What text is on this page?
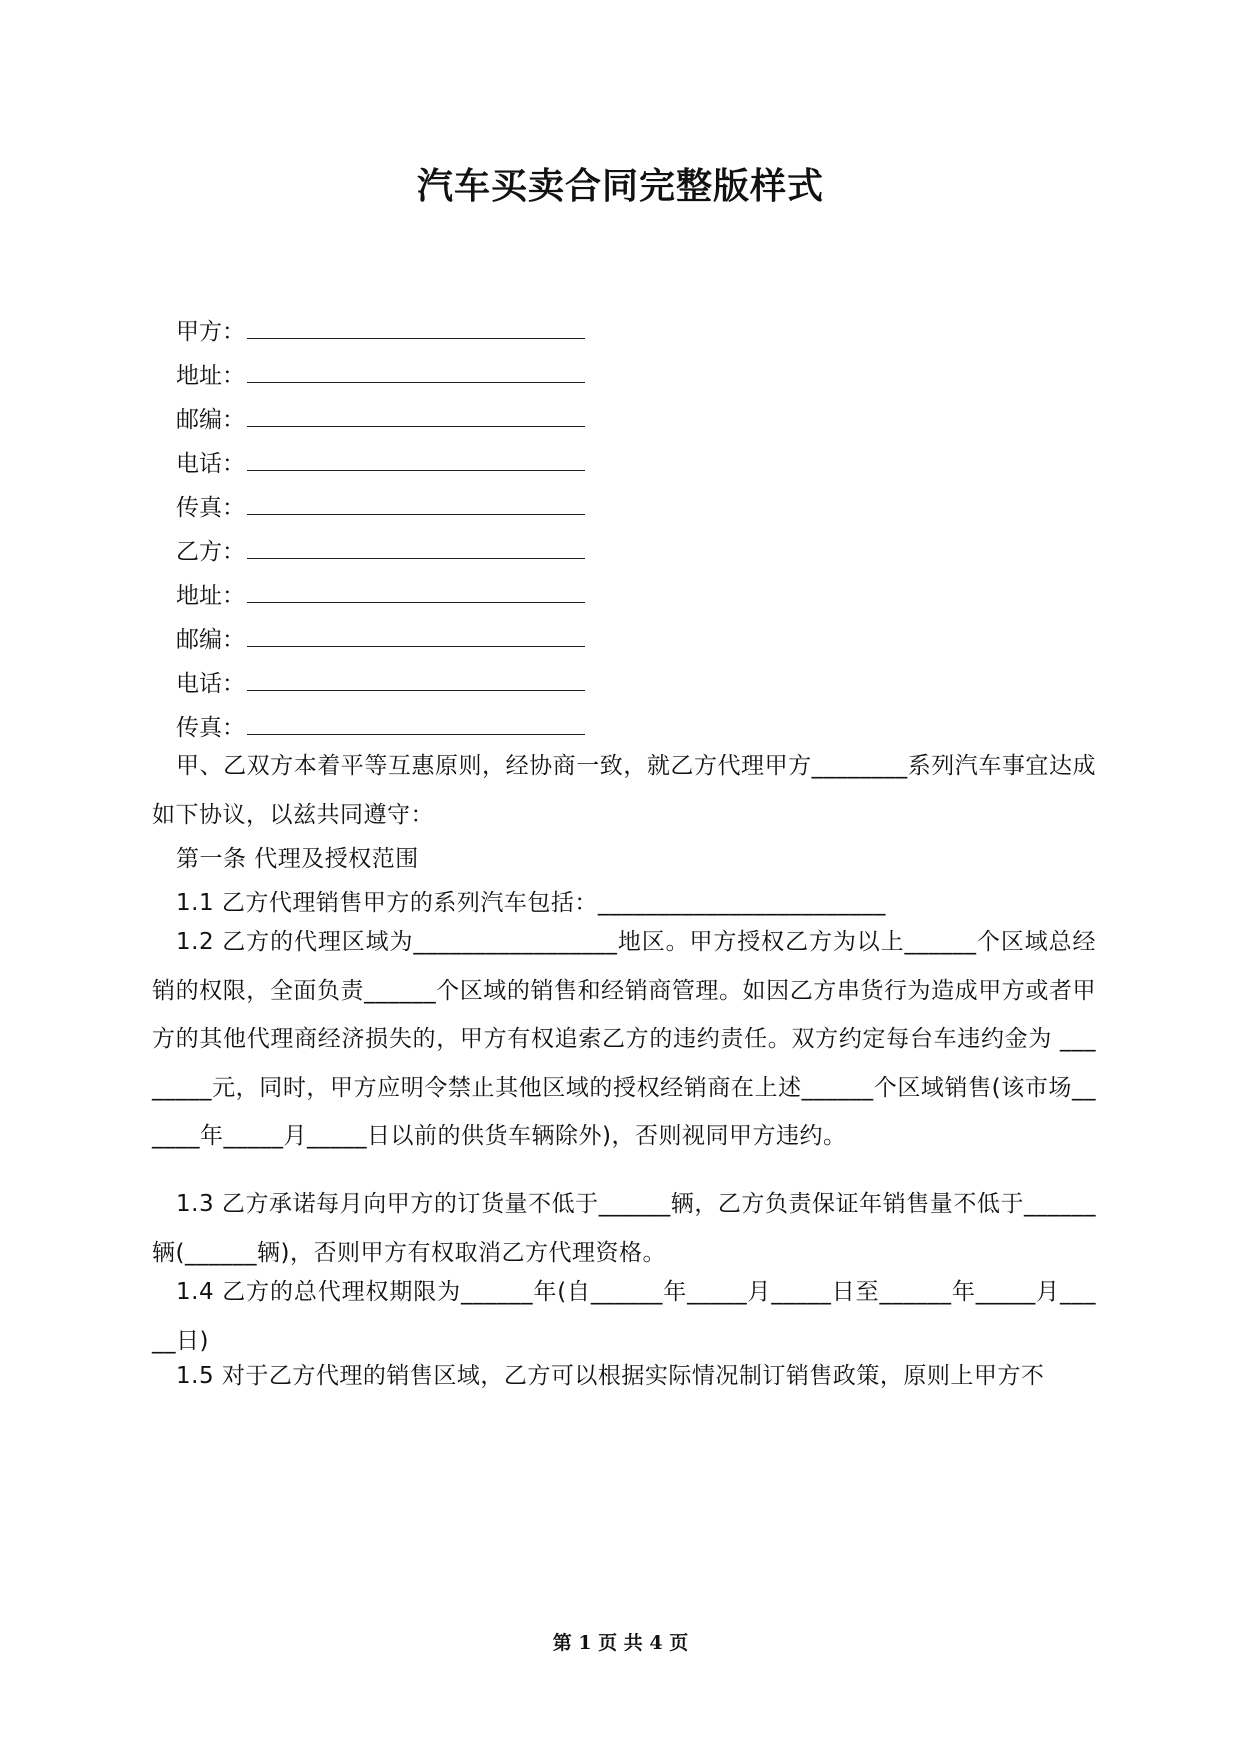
汽车买卖合同完整版样式
甲方：
地址：
邮编：
电话：
传真：
乙方：
地址：
邮编：
电话：
传真：

甲、乙双方本着平等互惠原则，经协商一致，就乙方代理甲方________系列汽车事宜达成如下协议，以兹共同遵守：

第一条 代理及授权范围
1.1 乙方代理销售甲方的系列汽车包括：________________________

1.2 乙方的代理区域为_________________地区。甲方授权乙方为以上______个区域总经销的权限，全面负责______个区域的销售和经销商管理。如因乙方串货行为造成甲方或者甲方的其他代理商经济损失的，甲方有权追索乙方的违约责任。双方约定每台车违约金为 ________元，同时，甲方应明令禁止其他区域的授权经销商在上述______个区域销售(该市场______年_____月_____日以前的供货车辆除外)，否则视同甲方违约。

1.3 乙方承诺每月向甲方的订货量不低于______辆，乙方负责保证年销售量不低于______辆(______辆)，否则甲方有权取消乙方代理资格。

1.4 乙方的总代理权期限为______年(自______年_____月_____日至______年_____月_____日)

1.5 对于乙方代理的销售区域，乙方可以根据实际情况制订销售政策，原则上甲方不
第 1 页 共 4 页
